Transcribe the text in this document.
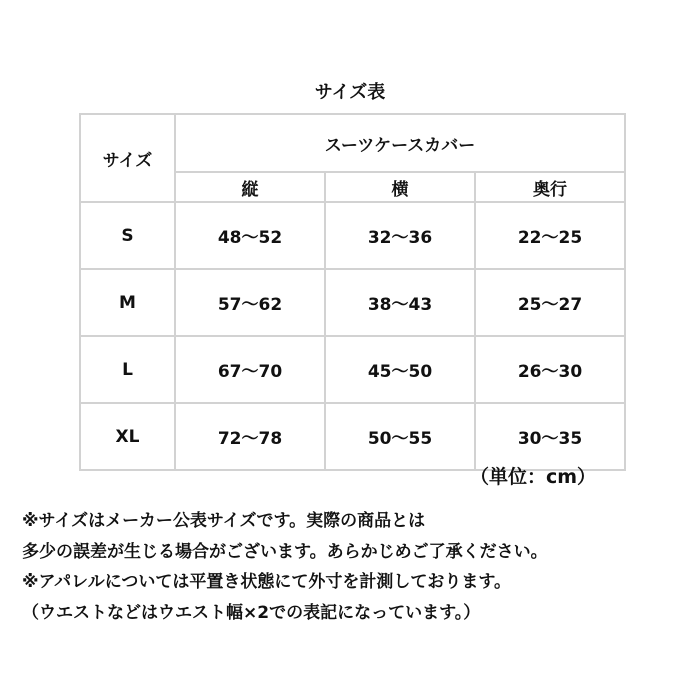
サイズ表
サイズ	スーツケースカバー		
	縦	横	奥行
S	48〜52	32〜36	22〜25
M	57〜62	38〜43	25〜27
L	67〜70	45〜50	26〜30
XL	72〜78	50〜55	30〜35
（単位：cm）
※サイズはメーカー公表サイズです。実際の商品とは
多少の誤差が生じる場合がございます。あらかじめご了承ください。
※アパレルについては平置き状態にて外寸を計測しております。
（ウエストなどはウエスト幅×2での表記になっています。）
